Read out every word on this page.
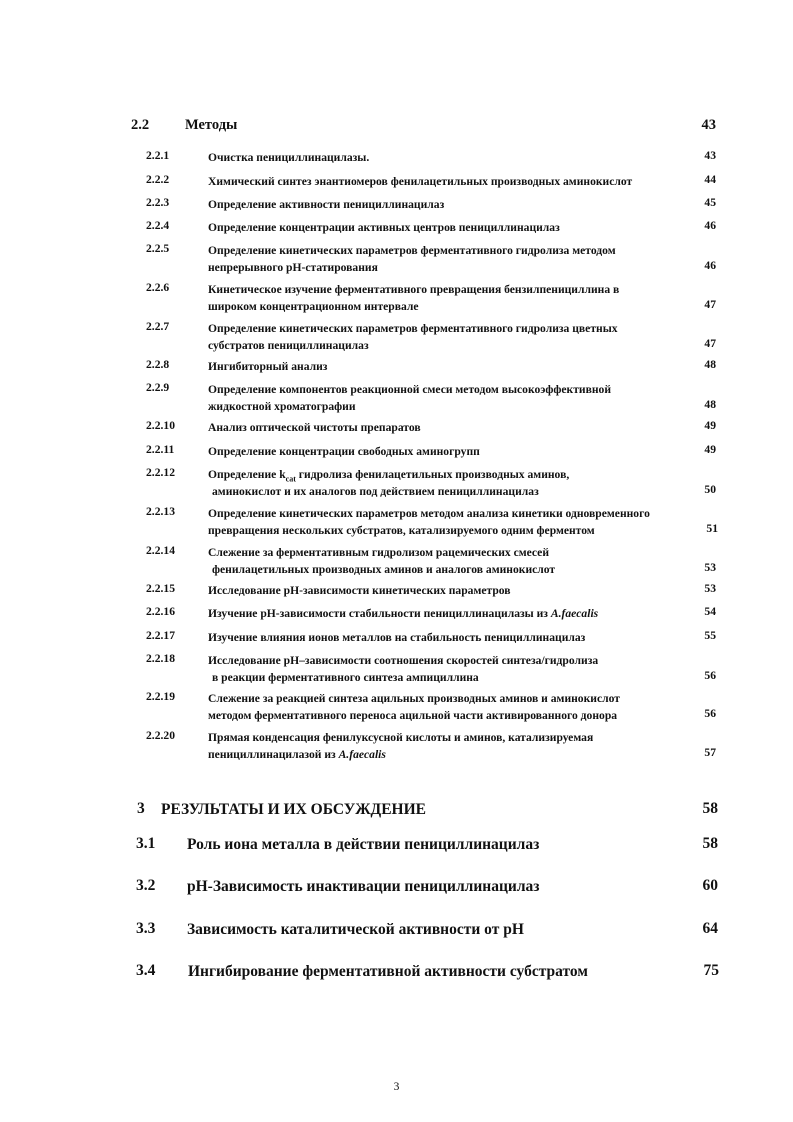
2.2 Методы	43
2.2.1	Очистка пенициллинацилазы.	43
2.2.2	Химический синтез энантиомеров фенилацетильных производных аминокислот	44
2.2.3	Определение активности пенициллинацилаз	45
2.2.4	Определение концентрации активных центров пенициллинацилаз	46
2.2.5	Определение кинетических параметров ферментативного гидролиза методом
непрерывного рН-статирования	46
2.2.6	Кинетическое изучение ферментативного превращения бензилпенициллина в
широком концентрационном интервале	47
2.2.7	Определение кинетических параметров ферментативного гидролиза цветных
субстратов пенициллинацилаз	47
2.2.8	Ингибиторный анализ	48
2.2.9	Определение компонентов реакционной смеси методом высокоэффективной
жидкостной хроматографии	48
2.2.10	Анализ оптической чистоты препаратов	49
2.2.11	Определение концентрации свободных аминогрупп	49
2.2.12	Определение $k_{cat}$ гидролиза фенилацетильных производных аминов,
аминокислот и их аналогов под действием пенициллинацилаз	50
2.2.13	Определение кинетических параметров методом анализа кинетики одновременного
превращения нескольких субстратов, катализируемого одним ферментом	51
2.2.14	Слежение за ферментативным гидролизом рацемических смесей
фенилацетильных производных аминов и аналогов аминокислот	53
2.2.15	Исследование рН-зависимости кинетических параметров	53
2.2.16	Изучение рН-зависимости стабильности пенициллинацилазы из A.faecalis	54
2.2.17	Изучение влияния ионов металлов на стабильность пенициллинацилаз	55
2.2.18	Исследование рН–зависимости соотношения скоростей синтеза/гидролиза
в реакции ферментативного синтеза ампициллина	56
2.2.19	Слежение за реакцией синтеза ацильных производных аминов и аминокислот
методом ферментативного переноса ацильной части активированного донора	56
2.2.20	Прямая конденсация фенилуксусной кислоты и аминов, катализируемая
пенициллинацилазой из A.faecalis	57
3 РЕЗУЛЬТАТЫ И ИХ ОБСУЖДЕНИЕ	58
3.1 Роль иона металла в действии пенициллинацилаз	58
3.2 рН-Зависимость инактивации пенициллинацилаз	60
3.3 Зависимость каталитической активности от рН	64
3.4 Ингибирование ферментативной активности субстратом	75
3
